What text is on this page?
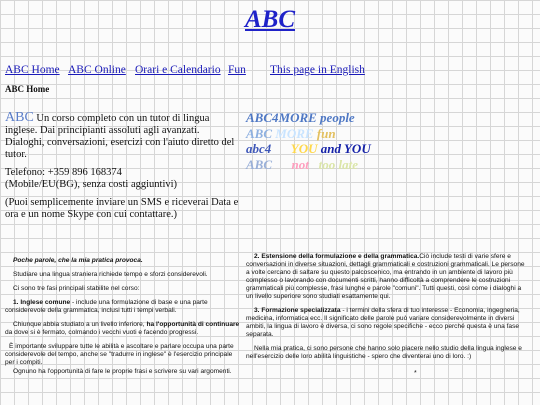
ABC
ABC Home ABC Online Orari e Calendario Fun This page in English
ABC Home
ABC Un corso completo con un tutor di lingua inglese. Dai principianti assoluti agli avanzati. Dialoghi, conversazioni, esercizi con l'aiuto diretto del tutor.
Telefono: +359 896 168374
(Mobile/EU(BG), senza costi aggiuntivi)
(Puoi semplicemente inviare un SMS e riceverai Data e ora e un nome Skype con cui contattare.)
ABC4MORE people
ABC MORE fun
abc4 YOU and YOU
ABC not too late

Poche parole, che la mia pratica provoca.

Studiare una lingua straniera richiede tempo e sforzi considerevoli.

Ci sono tre fasi principali stabilite nel corso:

1. Inglese comune - include una formulazione di base e una parte considerevole della grammatica, inclusi tutti i tempi verbali.

Chiunque abbia studiato a un livello inferiore, ha l'opportunità di continuare da dove si è fermato, colmando i vecchi vuoti e facendo progressi.

È importante sviluppare tutte le abilità e ascoltare e parlare occupa una parte considerevole del tempo, anche se "tradurre in inglese" è l'esercizio principale per i compiti.

Ognuno ha l'opportunità di fare le proprie frasi e scrivere su vari argomenti.

2. Estensione della formulazione e della grammatica.Ciò include testi di varie sfere e conversazioni in diverse situazioni, dettagli grammaticali e costruzioni grammaticali. Le persone a volte cercano di saltare su questo palcoscenico, ma entrando in un ambiente di lavoro più complesso o lavorando con documenti scritti, hanno difficoltà a comprendere le costruzioni grammaticali più complesse, frasi lunghe e parole "comuni". Tutti questi, così come i dialoghi a un livello superiore sono studiati esattamente qui.

3. Formazione specializzata - i termini della sfera di tuo interesse - Economia, ingegneria, medicina, informatica ecc. Il significato delle parole può variare considerevolmente in diversi ambiti, la lingua di lavoro è diversa, ci sono regole specifiche - ecco perché questa è una fase separata.

Nella mia pratica, ci sono persone che hanno solo piacere nello studio della lingua inglese e nell'esercizio delle loro abilità linguistiche - spero che diventerai uno di loro. :)

*
